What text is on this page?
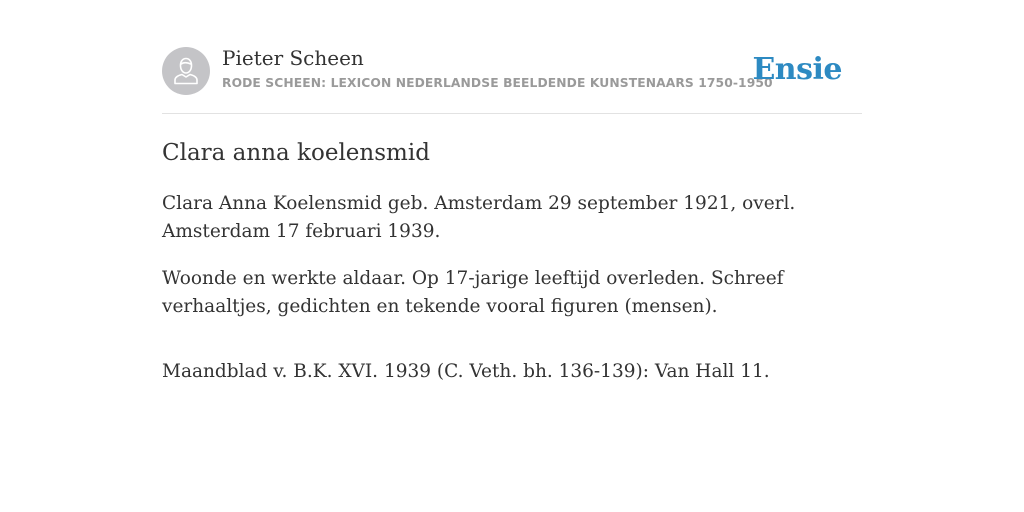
Pieter Scheen
RODE SCHEEN: LEXICON NEDERLANDSE BEELDENDE KUNSTENAARS 1750-1950
Ensie
Clara anna koelensmid

Clara Anna Koelensmid geb. Amsterdam 29 september 1921, overl. Amsterdam 17 februari 1939.

Woonde en werkte aldaar. Op 17-jarige leeftijd overleden. Schreef verhaaltjes, gedichten en tekende vooral figuren (mensen).

Maandblad v. B.K. XVI. 1939 (C. Veth. bh. 136-139): Van Hall 11.
